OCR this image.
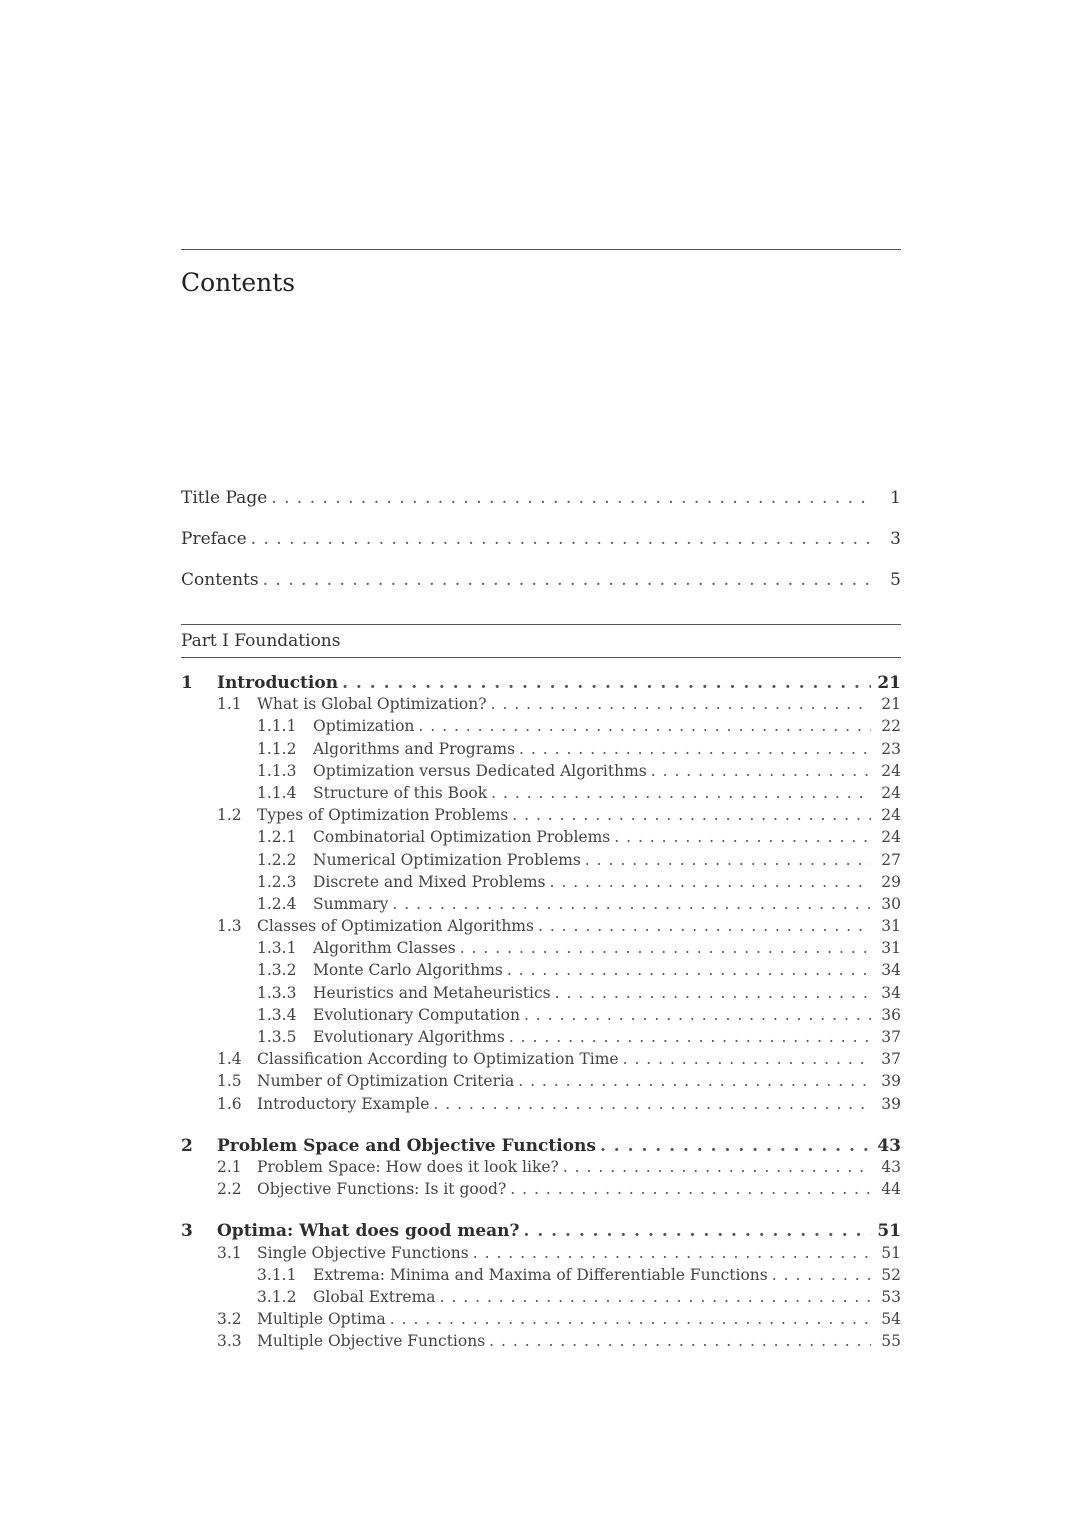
Contents
Title Page . . .	1
Preface . . .	3
Contents . . .	5
Part I Foundations
1	Introduction . . .	21
1.1 What is Global Optimization? . . .	21
1.1.1	Optimization . . .	22
1.1.2	Algorithms and Programs . . .	23
1.1.3	Optimization versus Dedicated Algorithms . . .	24
1.1.4	Structure of this Book . . .	24
1.2 Types of Optimization Problems . . .	24
1.2.1	Combinatorial Optimization Problems . . .	24
1.2.2	Numerical Optimization Problems . . .	27
1.2.3	Discrete and Mixed Problems . . .	29
1.2.4	Summary . . .	30
1.3 Classes of Optimization Algorithms . . .	31
1.3.1	Algorithm Classes . . .	31
1.3.2	Monte Carlo Algorithms . . .	34
1.3.3	Heuristics and Metaheuristics . . .	34
1.3.4	Evolutionary Computation . . .	36
1.3.5	Evolutionary Algorithms . . .	37
1.4 Classification According to Optimization Time . . .	37
1.5 Number of Optimization Criteria . . .	39
1.6 Introductory Example . . .	39
2	Problem Space and Objective Functions . . .	43
2.1 Problem Space: How does it look like? . . .	43
2.2 Objective Functions: Is it good? . . .	44
3	Optima: What does good mean? . . .	51
3.1 Single Objective Functions . . .	51
3.1.1	Extrema: Minima and Maxima of Differentiable Functions . . .	52
3.1.2	Global Extrema . . .	53
3.2 Multiple Optima . . .	54
3.3 Multiple Objective Functions . . .	55
